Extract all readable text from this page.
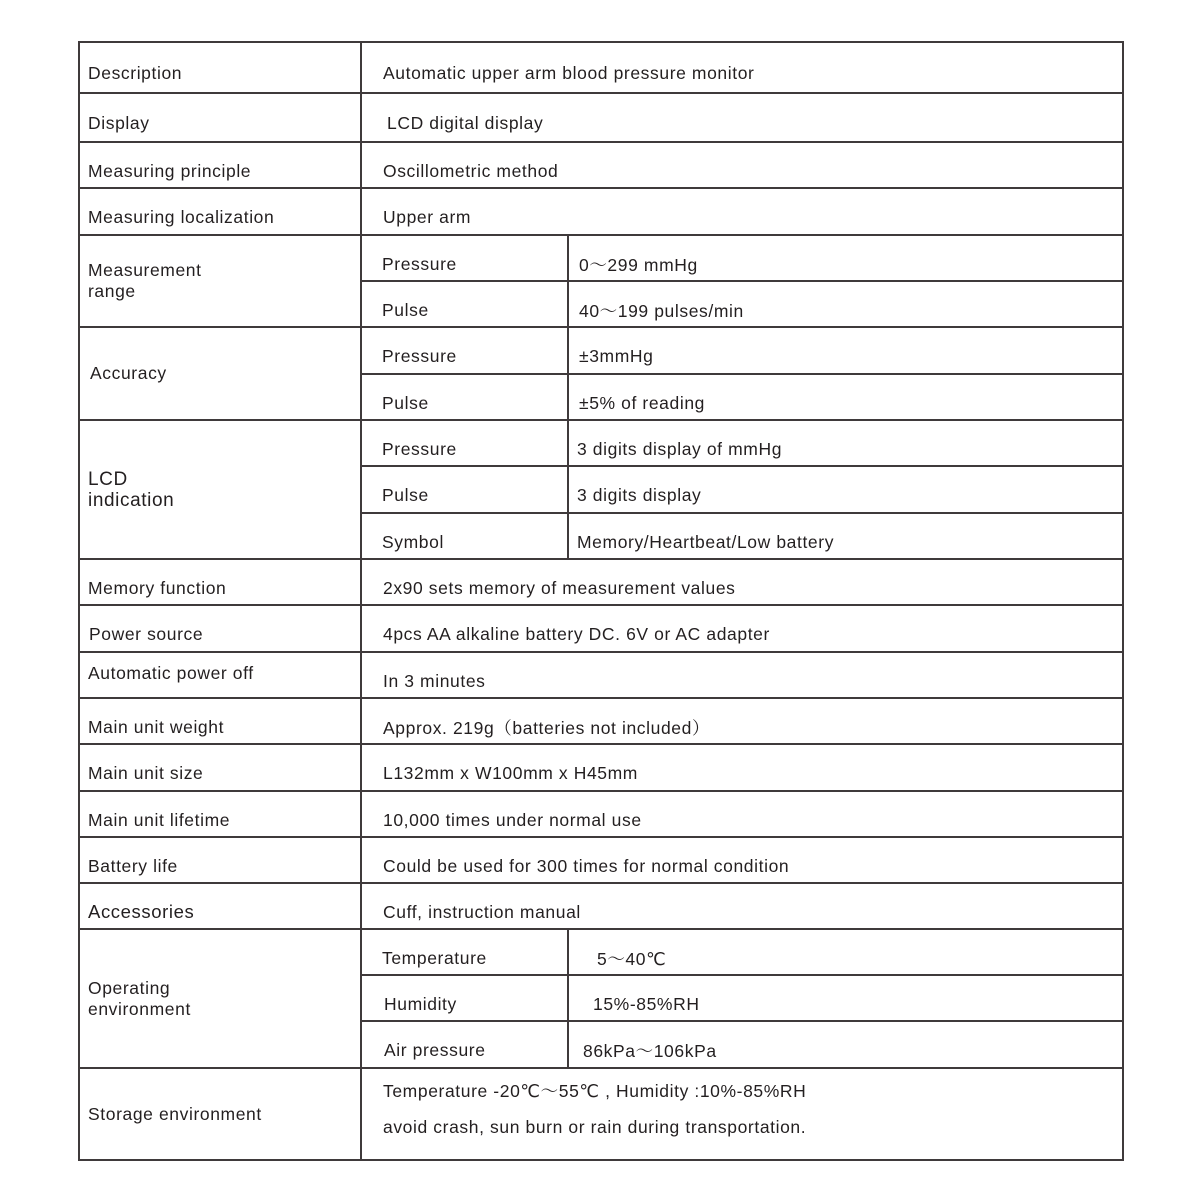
Description	Automatic upper arm blood pressure monitor	
Display	LCD digital display	
Measuring principle	Oscillometric method	
Measuring localization	Upper arm	

Measurement
range	Pressure	0～299 mmHg
	Pulse	40～199 pulses/min
Accuracy	Pressure	±3mmHg
	Pulse	±5% of reading

LCD
indication	Pressure	3 digits display of mmHg
	Pulse	3 digits display
	Symbol	Memory/Heartbeat/Low battery
Memory function	2x90 sets memory of measurement values	
Power source	4pcs AA alkaline battery DC. 6V or AC adapter	
Automatic power off	In 3 minutes	
Main unit weight	Approx. 219g（batteries not included）	
Main unit size	L132mm x W100mm x H45mm	
Main unit lifetime	10,000 times under normal use	
Battery life	Could be used for 300 times for normal condition	
Accessories	Cuff, instruction manual	

Operating
environment	Temperature	5～40℃
	Humidity	15%-85%RH
	Air pressure	86kPa～106kPa
Storage environment	Temperature -20℃～55℃ , Humidity :10%-85%RH
avoid crash, sun burn or rain during transportation.	
